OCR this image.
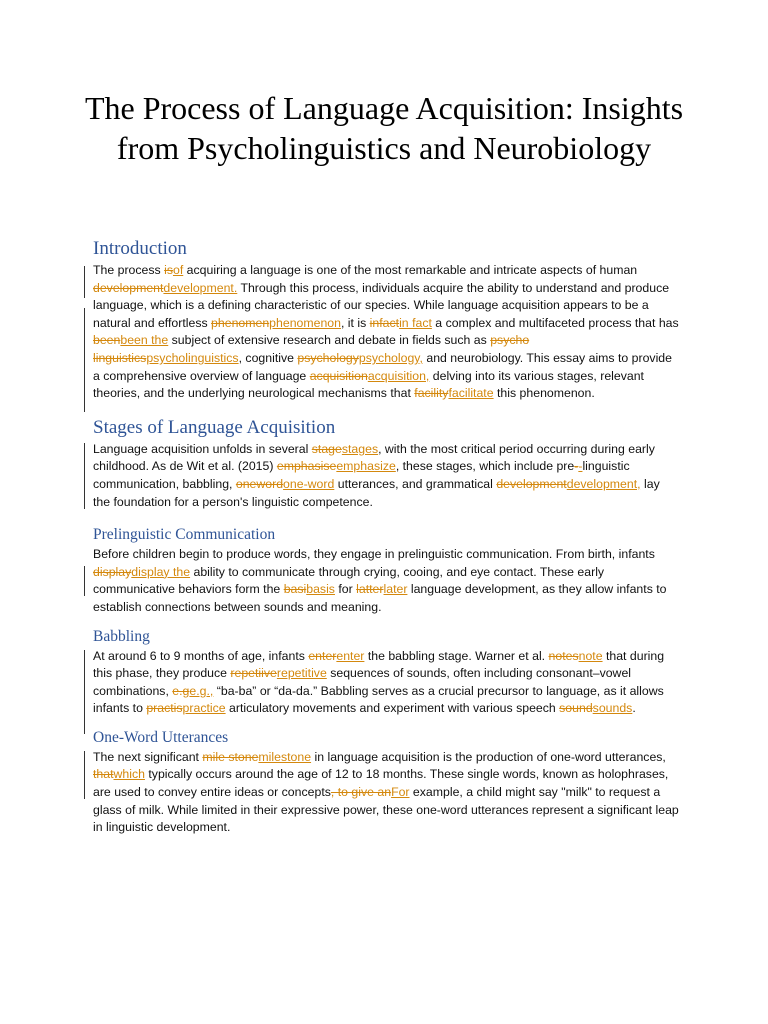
The Process of Language Acquisition: Insights from Psycholinguistics and Neurobiology
Introduction

The process isof acquiring a language is one of the most remarkable and intricate aspects of human developmentdevelopment. Through this process, individuals acquire the ability to understand and produce language, which is a defining characteristic of our species. While language acquisition appears to be a natural and effortless phenomenphenomenon, it is infactin fact a complex and multifaceted process that has beenbeen the subject of extensive research and debate in fields such as psycho linguisticspsycholinguistics, cognitive psychologypsychology, and neurobiology. This essay aims to provide a comprehensive overview of language acquisitionacquisition, delving into its various stages, relevant theories, and the underlying neurological mechanisms that facilityfacilitate this phenomenon.

Stages of Language Acquisition

Language acquisition unfolds in several stagestages, with the most critical period occurring during early childhood. As de Wit et al. (2015) emphasiseemphasize, these stages, which include pre--linguistic communication, babbling, onewordone-word utterances, and grammatical developmentdevelopment, lay the foundation for a person's linguistic competence.

Prelinguistic Communication

Before children begin to produce words, they engage in prelinguistic communication. From birth, infants displaydisplay the ability to communicate through crying, cooing, and eye contact. These early communicative behaviors form the basibasis for latterlater language development, as they allow infants to establish connections between sounds and meaning.

Babbling

At around 6 to 9 months of age, infants enterenter the babbling stage. Warner et al. notesnote that during this phase, they produce repetiiverepetitive sequences of sounds, often including consonant–vowel combinations, e.ge.g., “ba-ba” or “da-da.” Babbling serves as a crucial precursor to language, as it allows infants to practispractice articulatory movements and experiment with various speech soundsounds.

One-Word Utterances

The next significant mile stonemilestone in language acquisition is the production of one-word utterances, thatwhich typically occurs around the age of 12 to 18 months. These single words, known as holophrases, are used to convey entire ideas or concepts, to give anFor example, a child might say "milk" to request a glass of milk. While limited in their expressive power, these one-word utterances represent a significant leap in linguistic development.
